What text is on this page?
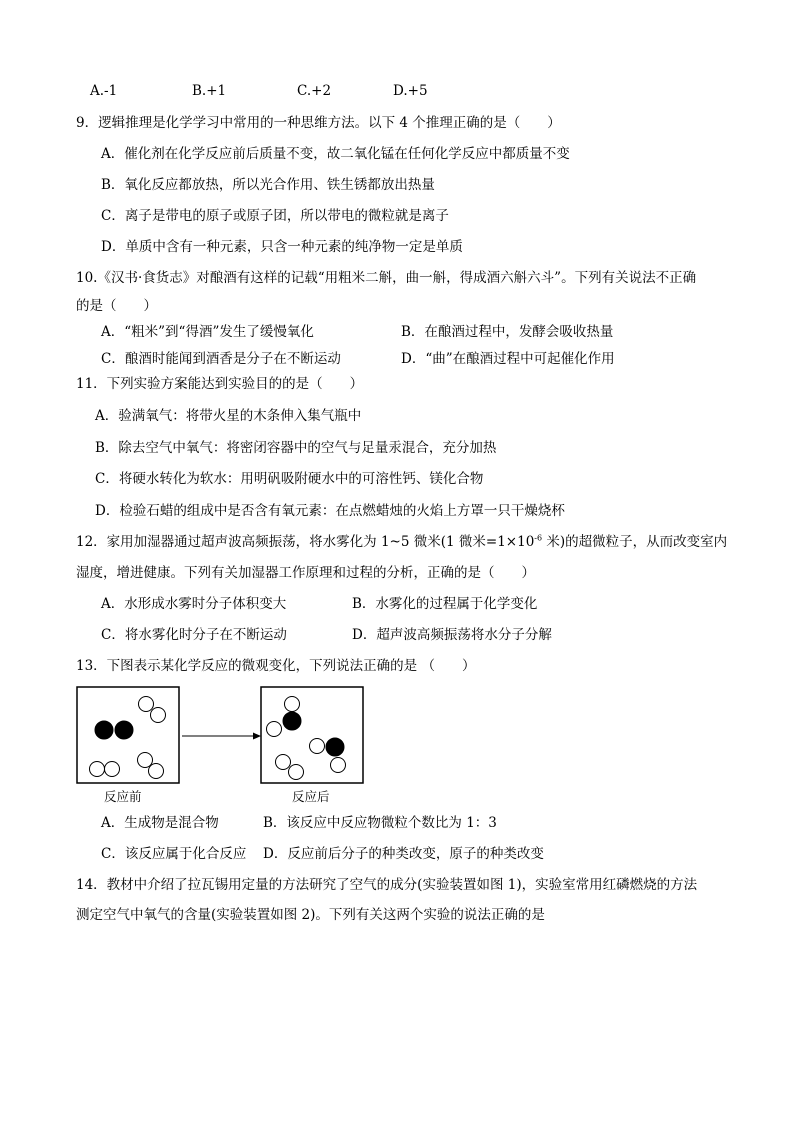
A.-1	B.+1	C.+2	D.+5
9．逻辑推理是化学学习中常用的一种思维方法。以下 4 个推理正确的是（　　）
A．催化剂在化学反应前后质量不变，故二氧化锰在任何化学反应中都质量不变
B．氧化反应都放热，所以光合作用、铁生锈都放出热量
C．离子是带电的原子或原子团，所以带电的微粒就是离子
D．单质中含有一种元素，只含一种元素的纯净物一定是单质
10.《汉书·食货志》对酿酒有这样的记载“用粗米二斛，曲一斛，得成酒六斛六斗”。下列有关说法不正确
的是（　　）
A．“粗米”到“得酒”发生了缓慢氧化	B．在酿酒过程中，发酵会吸收热量
C．酿酒时能闻到酒香是分子在不断运动	D．“曲”在酿酒过程中可起催化作用
11．下列实验方案能达到实验目的的是（　　）
A．验满氧气：将带火星的木条伸入集气瓶中
B．除去空气中氧气：将密闭容器中的空气与足量汞混合，充分加热
C．将硬水转化为软水：用明矾吸附硬水中的可溶性钙、镁化合物
D．检验石蜡的组成中是否含有氧元素：在点燃蜡烛的火焰上方罩一只干燥烧杯
12．家用加湿器通过超声波高频振荡，将水雾化为 1~5 微米(1 微米$=1\times 10^{-6}$ 米)的超微粒子，从而改变室内
湿度，增进健康。下列有关加湿器工作原理和过程的分析，正确的是（　　）
A．水形成水雾时分子体积变大	B．水雾化的过程属于化学变化
C．将水雾化时分子在不断运动	D．超声波高频振荡将水分子分解
13．下图表示某化学反应的微观变化，下列说法正确的是 （　　）
反应前	反应后
A．生成物是混合物	B．该反应中反应物微粒个数比为 1：3
C．该反应属于化合反应 D．反应前后分子的种类改变，原子的种类改变
14．教材中介绍了拉瓦锡用定量的方法研究了空气的成分(实验装置如图 1)，实验室常用红磷燃烧的方法
测定空气中氧气的含量(实验装置如图 2)。下列有关这两个实验的说法正确的是
